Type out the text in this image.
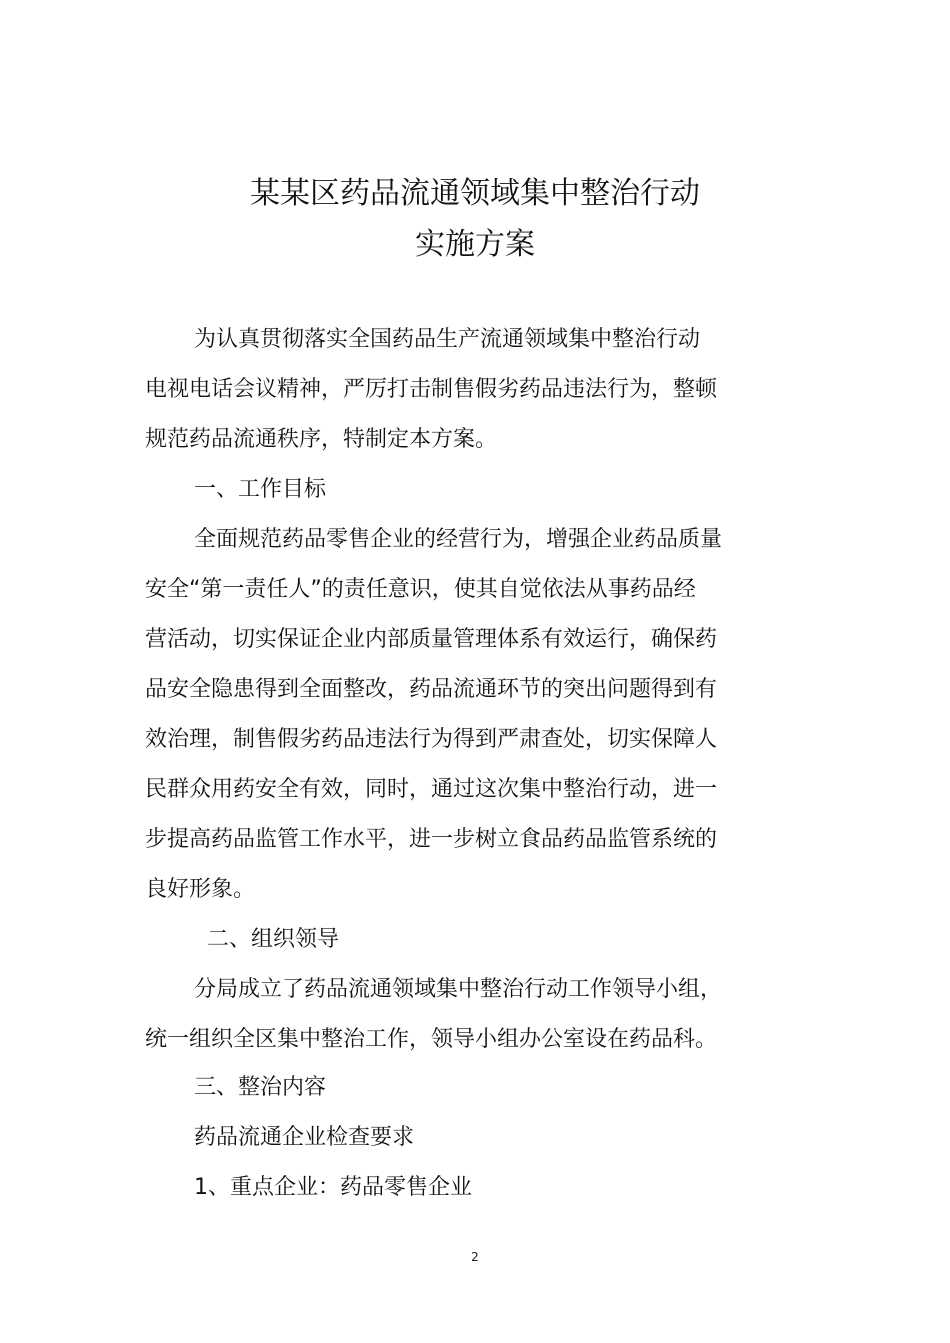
某某区药品流通领域集中整治行动
实施方案
为认真贯彻落实全国药品生产流通领域集中整治行动
电视电话会议精神，严厉打击制售假劣药品违法行为，整顿
规范药品流通秩序，特制定本方案。
一、工作目标
全面规范药品零售企业的经营行为，增强企业药品质量
安全“第一责任人”的责任意识，使其自觉依法从事药品经
营活动，切实保证企业内部质量管理体系有效运行，确保药
品安全隐患得到全面整改，药品流通环节的突出问题得到有
效治理，制售假劣药品违法行为得到严肃查处，切实保障人
民群众用药安全有效，同时，通过这次集中整治行动，进一
步提高药品监管工作水平，进一步树立食品药品监管系统的
良好形象。
二、组织领导
分局成立了药品流通领域集中整治行动工作领导小组，
统一组织全区集中整治工作，领导小组办公室设在药品科。
三、整治内容
药品流通企业检查要求
1、重点企业：药品零售企业
2
